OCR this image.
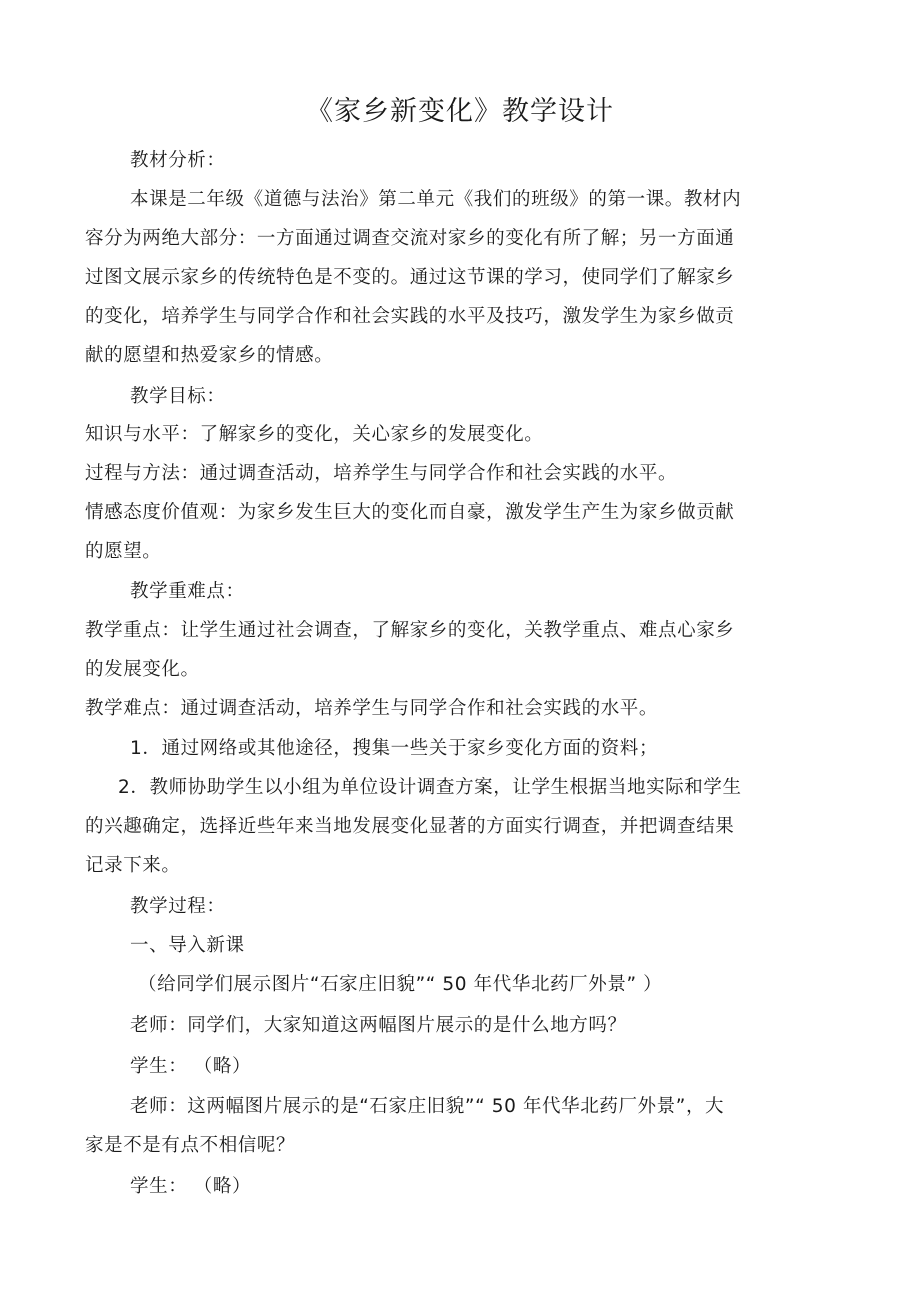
《家乡新变化》教学设计
教材分析：
本课是二年级《道德与法治》第二单元《我们的班级》的第一课。教材内
容分为两绝大部分：一方面通过调查交流对家乡的变化有所了解；另一方面通
过图文展示家乡的传统特色是不变的。通过这节课的学习，使同学们了解家乡
的变化，培养学生与同学合作和社会实践的水平及技巧，激发学生为家乡做贡
献的愿望和热爱家乡的情感。
教学目标：
知识与水平：了解家乡的变化，关心家乡的发展变化。
过程与方法：通过调查活动，培养学生与同学合作和社会实践的水平。
情感态度价值观：为家乡发生巨大的变化而自豪，激发学生产生为家乡做贡献
的愿望。
教学重难点：
教学重点：让学生通过社会调查，了解家乡的变化，关教学重点、难点心家乡
的发展变化。
教学难点：通过调查活动，培养学生与同学合作和社会实践的水平。
1．通过网络或其他途径，搜集一些关于家乡变化方面的资料；
2．教师协助学生以小组为单位设计调查方案，让学生根据当地实际和学生
的兴趣确定，选择近些年来当地发展变化显著的方面实行调查，并把调查结果
记录下来。
教学过程：
一、导入新课
（给同学们展示图片“石家庄旧貌”“ 50 年代华北药厂外景” ）
老师：同学们，大家知道这两幅图片展示的是什么地方吗？
学生： （略）
老师：这两幅图片展示的是“石家庄旧貌”“ 50 年代华北药厂外景”，大
家是不是有点不相信呢？
学生： （略）
